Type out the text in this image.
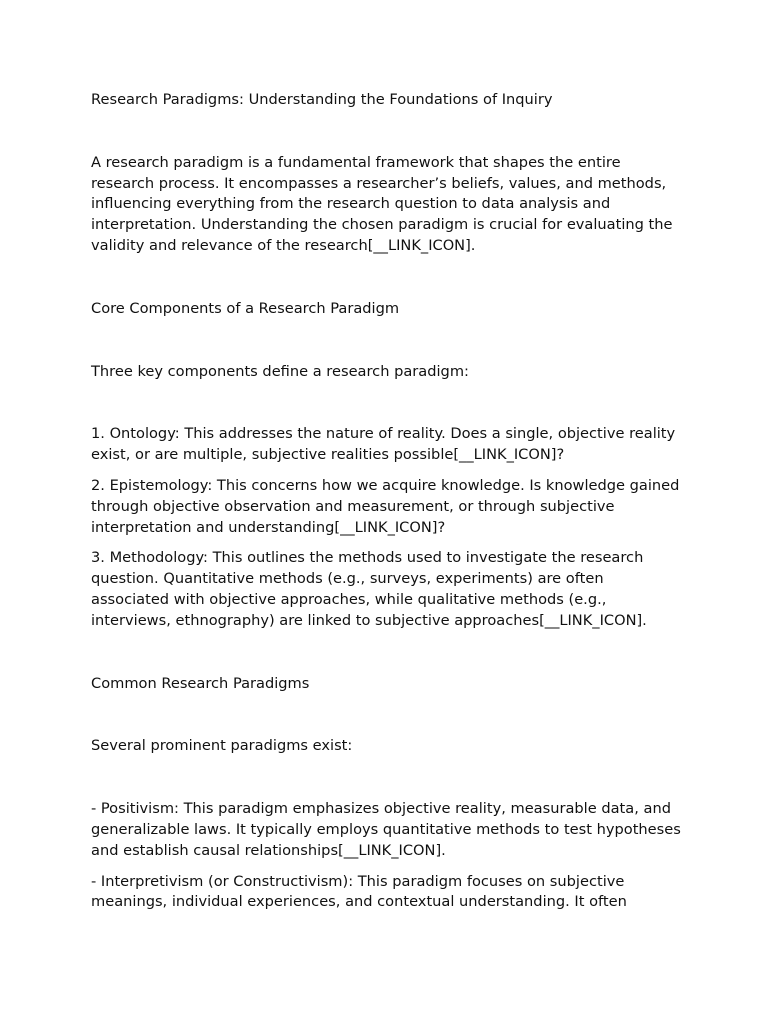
Research Paradigms: Understanding the Foundations of Inquiry

A research paradigm is a fundamental framework that shapes the entire research process. It encompasses a researcher’s beliefs, values, and methods, influencing everything from the research question to data analysis and interpretation. Understanding the chosen paradigm is crucial for evaluating the validity and relevance of the research[__LINK_ICON].

Core Components of a Research Paradigm

Three key components define a research paradigm:

1. Ontology: This addresses the nature of reality. Does a single, objective reality exist, or are multiple, subjective realities possible[__LINK_ICON]?

2. Epistemology: This concerns how we acquire knowledge. Is knowledge gained through objective observation and measurement, or through subjective interpretation and understanding[__LINK_ICON]?

3. Methodology: This outlines the methods used to investigate the research question. Quantitative methods (e.g., surveys, experiments) are often associated with objective approaches, while qualitative methods (e.g., interviews, ethnography) are linked to subjective approaches[__LINK_ICON].

Common Research Paradigms

Several prominent paradigms exist:

- Positivism: This paradigm emphasizes objective reality, measurable data, and generalizable laws. It typically employs quantitative methods to test hypotheses and establish causal relationships[__LINK_ICON].

- Interpretivism (or Constructivism): This paradigm focuses on subjective meanings, individual experiences, and contextual understanding. It often
